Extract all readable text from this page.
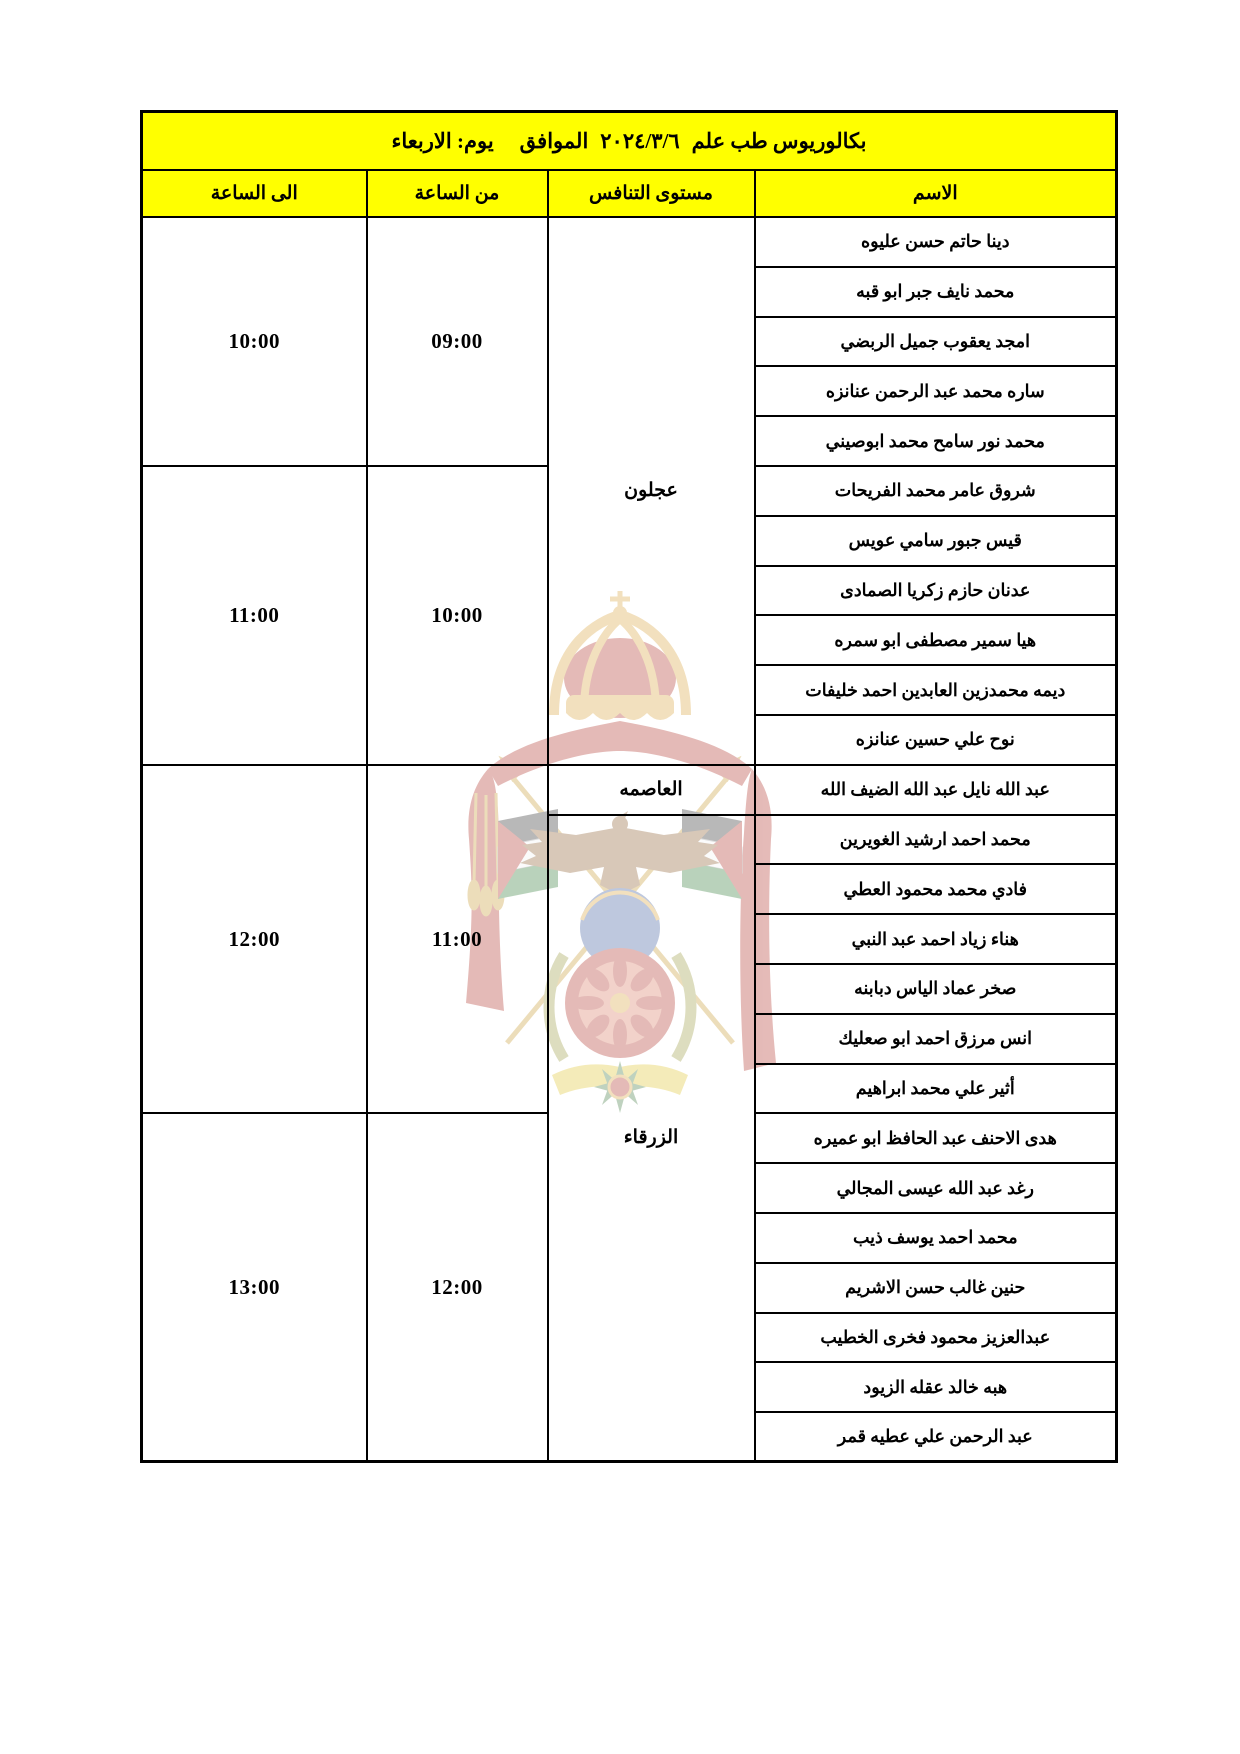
يوم: الاربعاء الموافق ٢٠٢٤/٣/٦ بكالوريوس طب علم			

الى الساعة	من الساعة	مستوى التنافس	الاسم
10:00	09:00	عجلون	دينا حاتم حسن عليوه
			محمد نايف جبر ابو قبه
			امجد يعقوب جميل الربضي
			ساره محمد عبد الرحمن عنانزه
			محمد نور سامح محمد ابوصيني
11:00	10:00		شروق عامر محمد الفريحات
			قيس جبور سامي عويس
			عدنان حازم زكريا الصمادى
			هيا سمير مصطفى ابو سمره
			ديمه محمدزين العابدين احمد خليفات
			نوح علي حسين عنانزه
12:00	11:00	العاصمه	عبد الله نايل عبد الله الضيف الله
		الزرقاء	محمد احمد ارشيد الغويرين
			فادي محمد محمود العطي
			هناء زياد احمد عبد النبي
			صخر عماد الياس دبابنه
			انس مرزق احمد ابو صعليك
			أثير علي محمد ابراهيم
13:00	12:00		هدى الاحنف عبد الحافظ ابو عميره
			رغد عبد الله عيسى المجالي
			محمد احمد يوسف ذيب
			حنين غالب حسن الاشريم
			عبدالعزيز محمود فخرى الخطيب
			هبه خالد عقله الزيود
			عبد الرحمن علي عطيه قمر
